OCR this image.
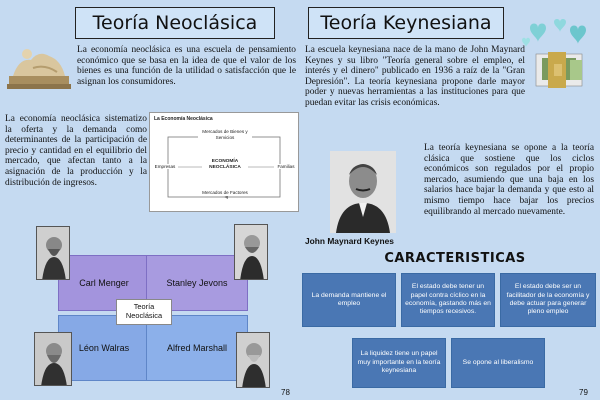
Teoría Neoclásica
La economía neoclásica es una escuela de pensamiento económico que se basa en la idea de que el valor de los bienes es una función de la utilidad o satisfacción que le asignan los consumidores.
La economía neoclásica sistematizo la oferta y la demanda como determinantes de la participación de precio y cantidad en el equilibrio del mercado, que afectan tanto a la asignación de la producción y la distribución de ingresos.
La Economía Neoclásica
Mercados de Bienes y Servicios
ECONOMÍA NEOCLÁSICA
Empresas	Familias
Mercados de Factores
Carl Menger	Stanley Jevons
Léon Walras	Alfred Marshall
Teoría Neoclásica
78
Teoría Keynesiana
La escuela keynesiana nace de la mano de John Maynard Keynes y su libro "Teoría general sobre el empleo, el interés y el dinero" publicado en 1936 a raíz de la "Gran Depresión". La teoría keynesiana propone darle mayor poder y nuevas herramientas a las instituciones para que puedan evitar las crisis económicas.
John Maynard Keynes
La teoría keynesiana se opone a la teoría clásica que sostiene que los ciclos económicos son regulados por el propio mercado, asumiendo que una baja en los salarios hace bajar la demanda y que esto al mismo tiempo hace bajar los precios equilibrando al mercado nuevamente.
CARACTERISTICAS
La demanda mantiene el empleo
El estado debe tener un papel contra cíclico en la economía, gastando más en tiempos recesivos.
El estado debe ser un facilitador de la economía y debe actuar para generar pleno empleo
La liquidez tiene un papel muy importante en la teoría keynesiana
Se opone al liberalismo
79
